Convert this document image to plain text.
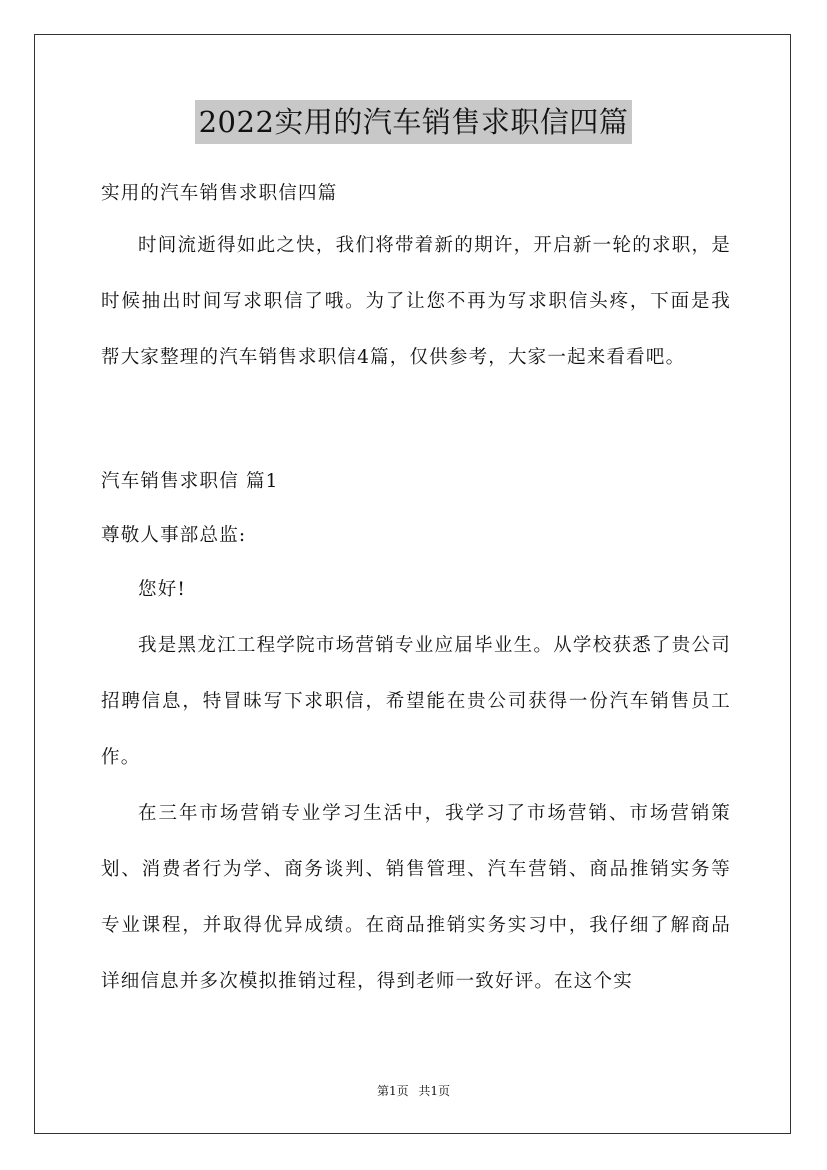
2022实用的汽车销售求职信四篇

实用的汽车销售求职信四篇

时间流逝得如此之快，我们将带着新的期许，开启新一轮的求职，是时候抽出时间写求职信了哦。为了让您不再为写求职信头疼，下面是我帮大家整理的汽车销售求职信4篇，仅供参考，大家一起来看看吧。

汽车销售求职信 篇1

尊敬人事部总监:

您好!

我是黑龙江工程学院市场营销专业应届毕业生。从学校获悉了贵公司招聘信息，特冒昧写下求职信，希望能在贵公司获得一份汽车销售员工作。

在三年市场营销专业学习生活中，我学习了市场营销、市场营销策划、消费者行为学、商务谈判、销售管理、汽车营销、商品推销实务等专业课程，并取得优异成绩。在商品推销实务实习中，我仔细了解商品详细信息并多次模拟推销过程，得到老师一致好评。在这个实

第1页 共1页
